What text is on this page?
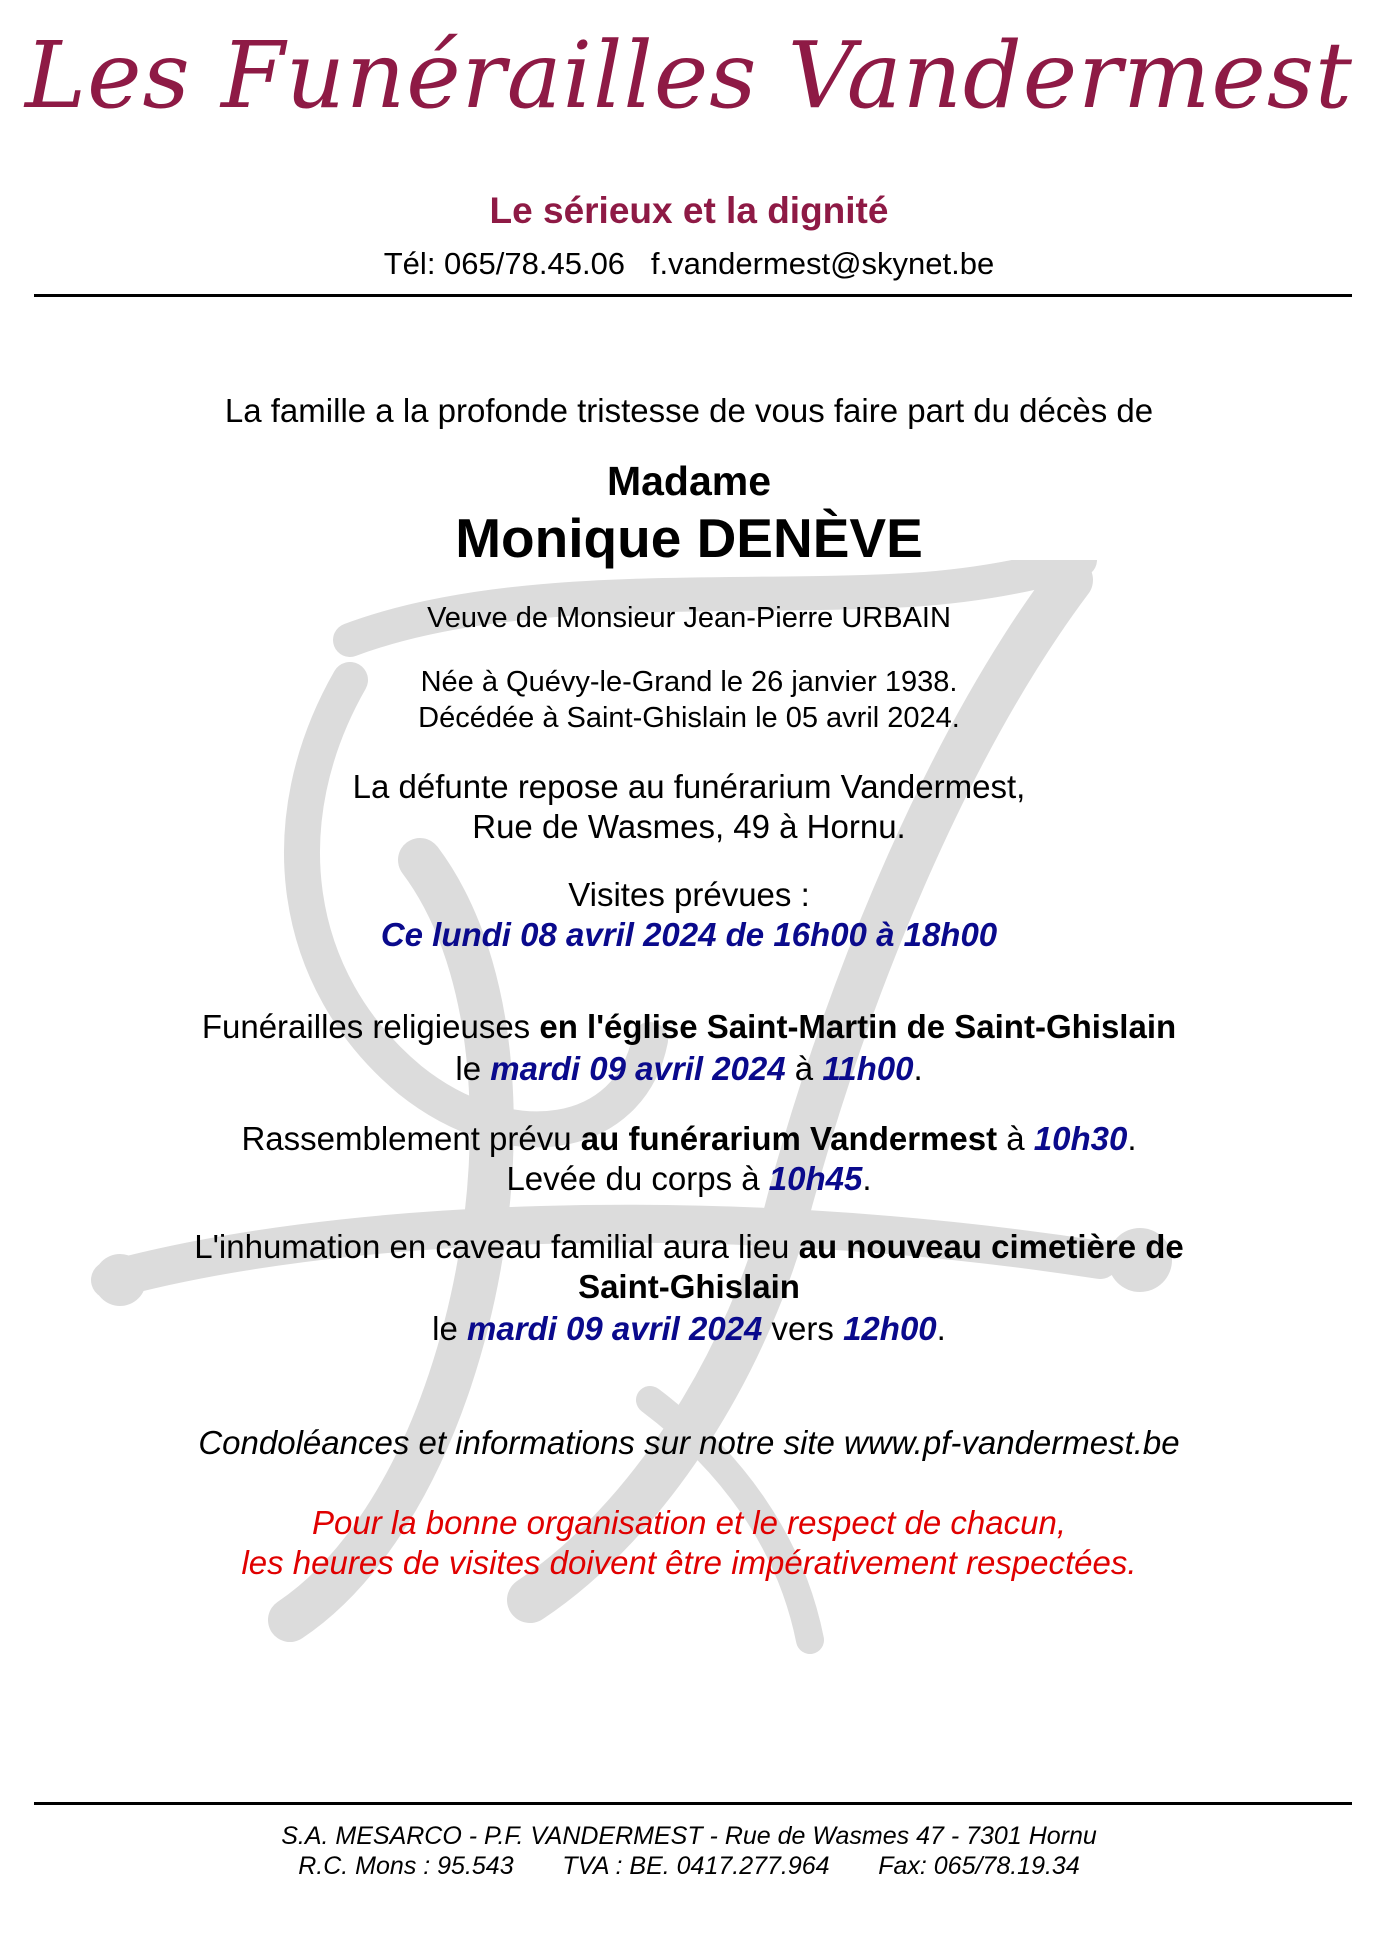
Les Funérailles Vandermest
Le sérieux et la dignité
Tél: 065/78.45.06 f.vandermest@skynet.be
La famille a la profonde tristesse de vous faire part du décès de
Madame
Monique DENÈVE
Veuve de Monsieur Jean-Pierre URBAIN
Née à Quévy-le-Grand le 26 janvier 1938.
Décédée à Saint-Ghislain le 05 avril 2024.
La défunte repose au funérarium Vandermest,
Rue de Wasmes, 49 à Hornu.
Visites prévues :
Ce lundi 08 avril 2024 de 16h00 à 18h00
Funérailles religieuses en l'église Saint-Martin de Saint-Ghislain
le mardi 09 avril 2024 à 11h00.
Rassemblement prévu au funérarium Vandermest à 10h30.
Levée du corps à 10h45.
L'inhumation en caveau familial aura lieu au nouveau cimetière de
Saint-Ghislain
le mardi 09 avril 2024 vers 12h00.
Condoléances et informations sur notre site www.pf-vandermest.be
Pour la bonne organisation et le respect de chacun,
les heures de visites doivent être impérativement respectées.
S.A. MESARCO - P.F. VANDERMEST - Rue de Wasmes 47 - 7301 Hornu
R.C. Mons : 95.543 TVA : BE. 0417.277.964 Fax: 065/78.19.34
